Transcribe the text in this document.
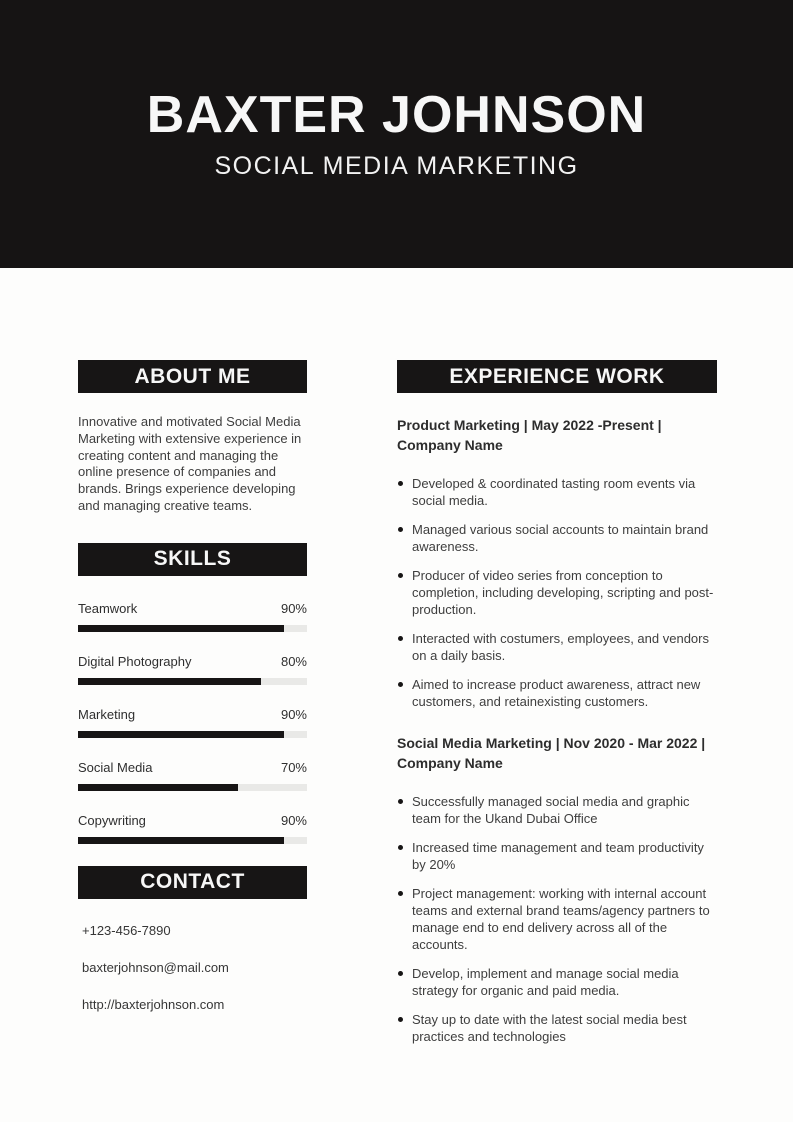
BAXTER JOHNSON
SOCIAL MEDIA MARKETING
ABOUT ME

Innovative and motivated Social Media Marketing with extensive experience in creating content and managing the online presence of companies and brands. Brings experience developing and managing creative teams.

SKILLS
Teamwork	90%
Digital Photography	80%
Marketing	90%
Social Media	70%
Copywriting	90%
CONTACT
+123-456-7890
baxterjohnson@mail.com
http://baxterjohnson.com
EXPERIENCE WORK
Product Marketing | May 2022 -Present | Company Name
Developed & coordinated tasting room events via social media.
Managed various social accounts to maintain brand awareness.
Producer of video series from conception to completion, including developing, scripting and post-production.
Interacted with costumers, employees, and vendors on a daily basis.
Aimed to increase product awareness, attract new customers, and retainexisting customers.
Social Media Marketing | Nov 2020 - Mar 2022 | Company Name
Successfully managed social media and graphic team for the Ukand Dubai Office
Increased time management and team productivity by 20%
Project management: working with internal account teams and external brand teams/agency partners to manage end to end delivery across all of the accounts.
Develop, implement and manage social media strategy for organic and paid media.
Stay up to date with the latest social media best practices and technologies
